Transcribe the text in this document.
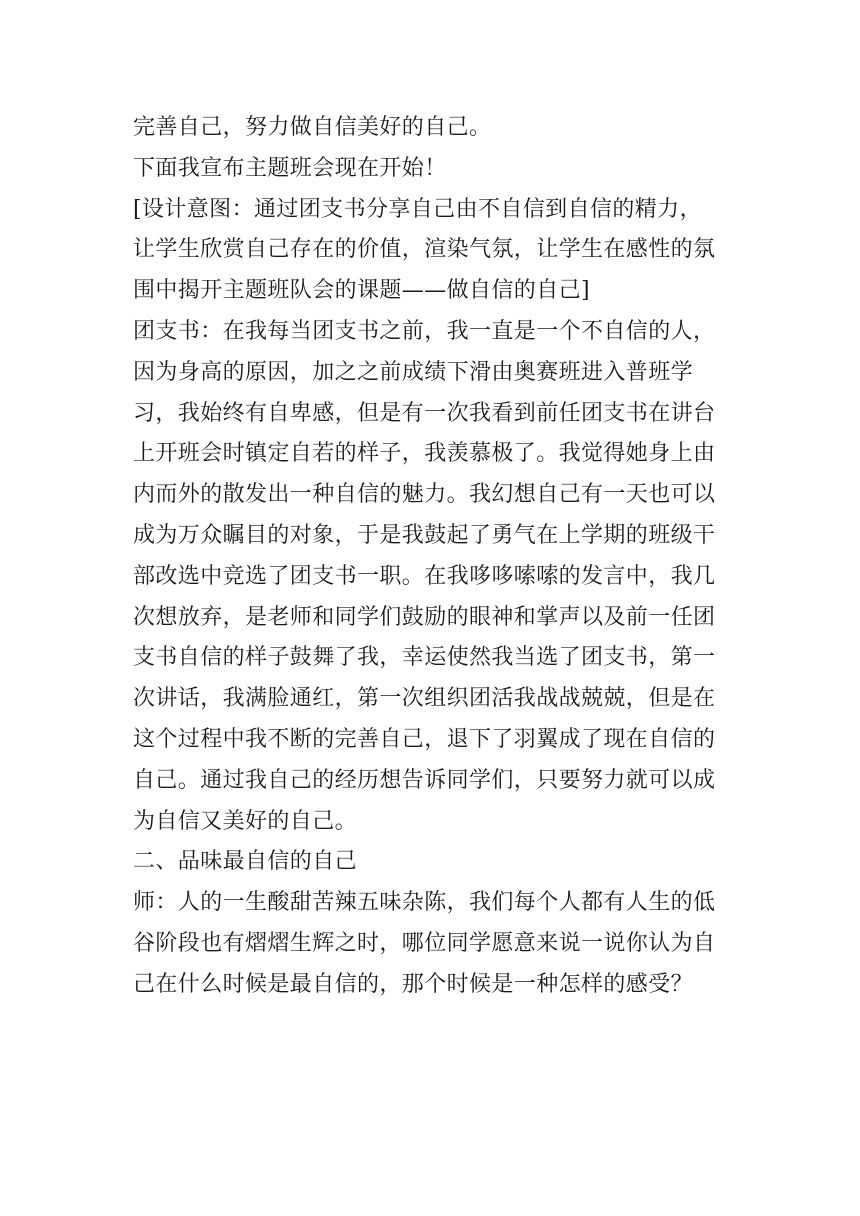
完善自己，努力做自信美好的自己。
下面我宣布主题班会现在开始！
[设计意图：通过团支书分享自己由不自信到自信的精力，
让学生欣赏自己存在的价值，渲染气氛，让学生在感性的氛
围中揭开主题班队会的课题——做自信的自己]
团支书：在我每当团支书之前，我一直是一个不自信的人，
因为身高的原因，加之之前成绩下滑由奥赛班进入普班学
习，我始终有自卑感，但是有一次我看到前任团支书在讲台
上开班会时镇定自若的样子，我羡慕极了。我觉得她身上由
内而外的散发出一种自信的魅力。我幻想自己有一天也可以
成为万众瞩目的对象，于是我鼓起了勇气在上学期的班级干
部改选中竞选了团支书一职。在我哆哆嗦嗦的发言中，我几
次想放弃，是老师和同学们鼓励的眼神和掌声以及前一任团
支书自信的样子鼓舞了我，幸运使然我当选了团支书，第一
次讲话，我满脸通红，第一次组织团活我战战兢兢，但是在
这个过程中我不断的完善自己，退下了羽翼成了现在自信的
自己。通过我自己的经历想告诉同学们，只要努力就可以成
为自信又美好的自己。
二、品味最自信的自己
师：人的一生酸甜苦辣五味杂陈，我们每个人都有人生的低
谷阶段也有熠熠生辉之时，哪位同学愿意来说一说你认为自
己在什么时候是最自信的，那个时候是一种怎样的感受？
